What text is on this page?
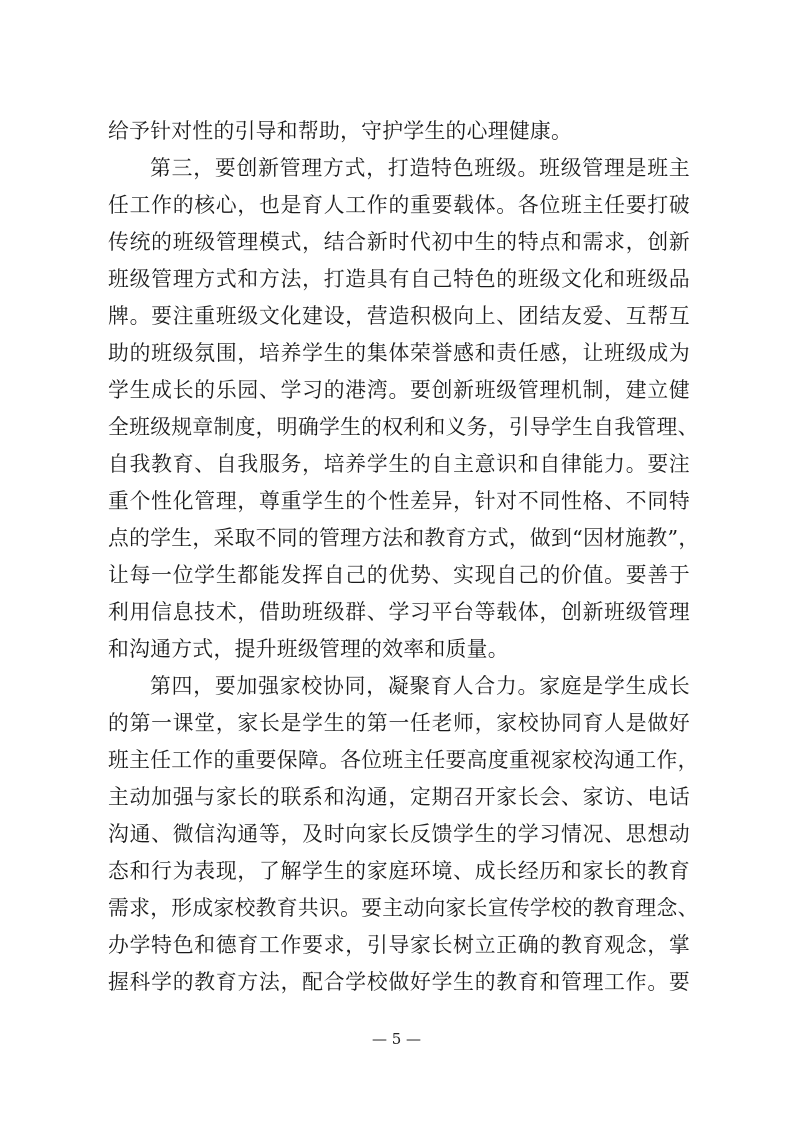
给予针对性的引导和帮助，守护学生的心理健康。
第三，要创新管理方式，打造特色班级。班级管理是班主
任工作的核心，也是育人工作的重要载体。各位班主任要打破
传统的班级管理模式，结合新时代初中生的特点和需求，创新
班级管理方式和方法，打造具有自己特色的班级文化和班级品
牌。要注重班级文化建设，营造积极向上、团结友爱、互帮互
助的班级氛围，培养学生的集体荣誉感和责任感，让班级成为
学生成长的乐园、学习的港湾。要创新班级管理机制，建立健
全班级规章制度，明确学生的权利和义务，引导学生自我管理、
自我教育、自我服务，培养学生的自主意识和自律能力。要注
重个性化管理，尊重学生的个性差异，针对不同性格、不同特
点的学生，采取不同的管理方法和教育方式，做到“因材施教”，
让每一位学生都能发挥自己的优势、实现自己的价值。要善于
利用信息技术，借助班级群、学习平台等载体，创新班级管理
和沟通方式，提升班级管理的效率和质量。
第四，要加强家校协同，凝聚育人合力。家庭是学生成长
的第一课堂，家长是学生的第一任老师，家校协同育人是做好
班主任工作的重要保障。各位班主任要高度重视家校沟通工作，
主动加强与家长的联系和沟通，定期召开家长会、家访、电话
沟通、微信沟通等，及时向家长反馈学生的学习情况、思想动
态和行为表现，了解学生的家庭环境、成长经历和家长的教育
需求，形成家校教育共识。要主动向家长宣传学校的教育理念、
办学特色和德育工作要求，引导家长树立正确的教育观念，掌
握科学的教育方法，配合学校做好学生的教育和管理工作。要
— 5 —
